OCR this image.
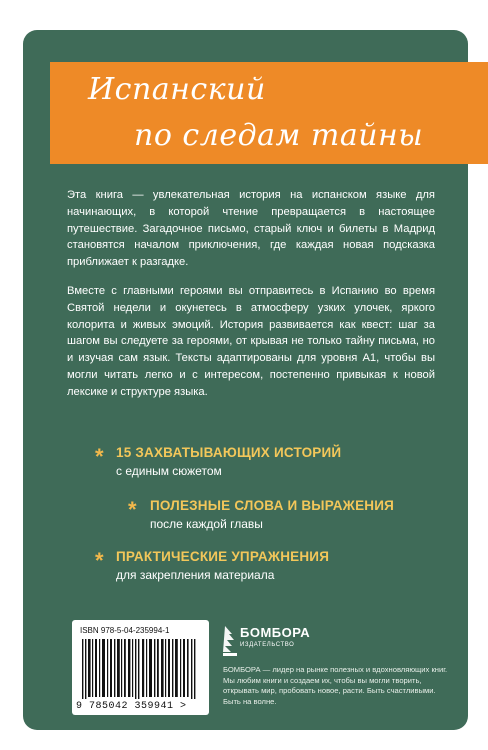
Испанский
по следам тайны

Эта книга — увлекательная история на испанском языке для начинающих, в которой чтение превращается в настоящее путешествие. Загадочное письмо, старый ключ и билеты в Мадрид становятся началом приключения, где каждая новая подсказка приближает к разгадке.

Вместе с главными героями вы отправитесь в Испанию во время Святой недели и окунетесь в атмосферу узких улочек, яркого колорита и живых эмоций. История развивается как квест: шаг за шагом вы следуете за героями, от крывая не только тайну письма, но и изучая сам язык. Тексты адаптированы для уровня А1, чтобы вы могли читать легко и с интересом, постепенно привыкая к новой лексике и структуре языка.

* 15 ЗАХВАТЫВАЮЩИХ ИСТОРИЙ
с единым сюжетом
* ПОЛЕЗНЫЕ СЛОВА И ВЫРАЖЕНИЯ
после каждой главы
* ПРАКТИЧЕСКИЕ УПРАЖНЕНИЯ
для закрепления материала
ISBN 978-5-04-235994-1
9 785042 359941 >
БОМБОРА
ИЗДАТЕЛЬСТВО

БОМБОРА — лидер на рынке полезных и вдохновляющих книг. Мы любим книги и создаем их, чтобы вы могли творить, открывать мир, пробовать новое, расти. Быть счастливыми. Быть на волне.
